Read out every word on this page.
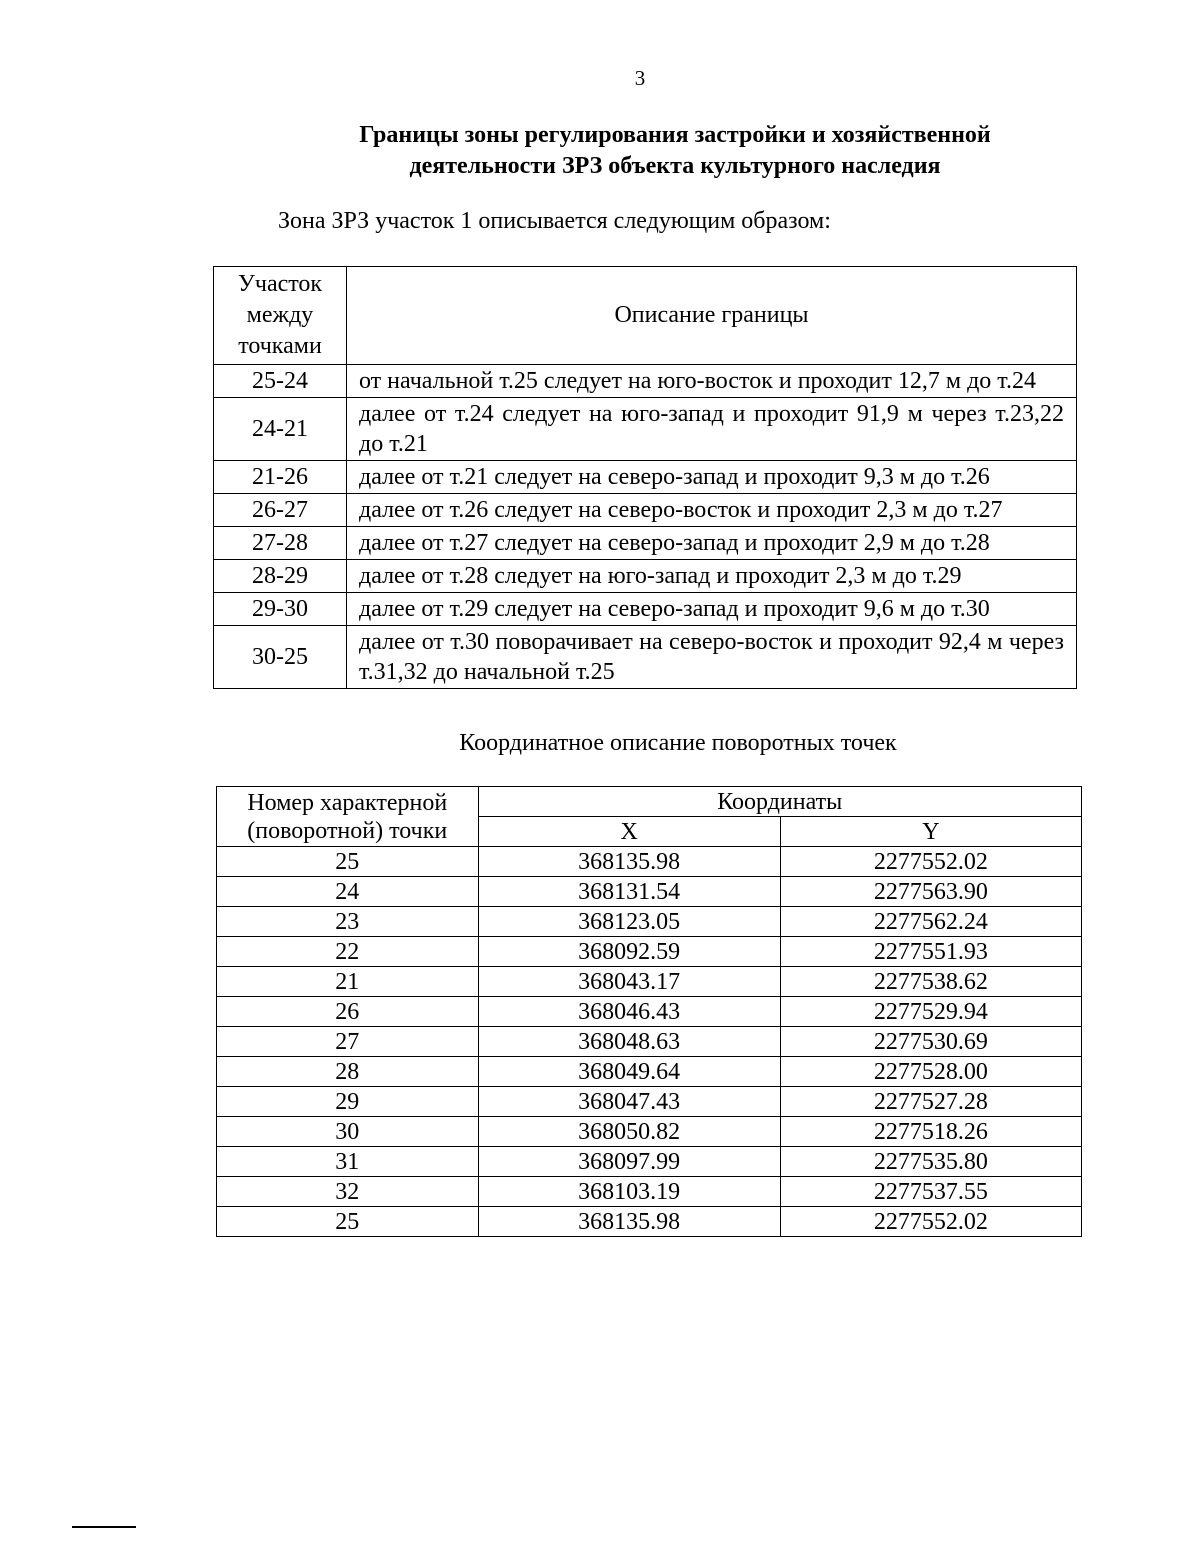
3
Границы зоны регулирования застройки и хозяйственной
деятельности ЗРЗ объекта культурного наследия
Зона ЗРЗ участок 1 описывается следующим образом:
Участок
между
точками	Описание границы
25-24	от начальной т.25 следует на юго-восток и проходит 12,7 м до т.24
24-21	далее от т.24 следует на юго-запад и проходит 91,9 м через т.23,22 до т.21
21-26	далее от т.21 следует на северо-запад и проходит 9,3 м до т.26
26-27	далее от т.26 следует на северо-восток и проходит 2,3 м до т.27
27-28	далее от т.27 следует на северо-запад и проходит 2,9 м до т.28
28-29	далее от т.28 следует на юго-запад и проходит 2,3 м до т.29
29-30	далее от т.29 следует на северо-запад и проходит 9,6 м до т.30
30-25	далее от т.30 поворачивает на северо-восток и проходит 92,4 м через т.31,32 до начальной т.25
Координатное описание поворотных точек
Номер характерной
(поворотной) точки	Координаты	
	X	Y
25	368135.98	2277552.02
24	368131.54	2277563.90
23	368123.05	2277562.24
22	368092.59	2277551.93
21	368043.17	2277538.62
26	368046.43	2277529.94
27	368048.63	2277530.69
28	368049.64	2277528.00
29	368047.43	2277527.28
30	368050.82	2277518.26
31	368097.99	2277535.80
32	368103.19	2277537.55
25	368135.98	2277552.02
